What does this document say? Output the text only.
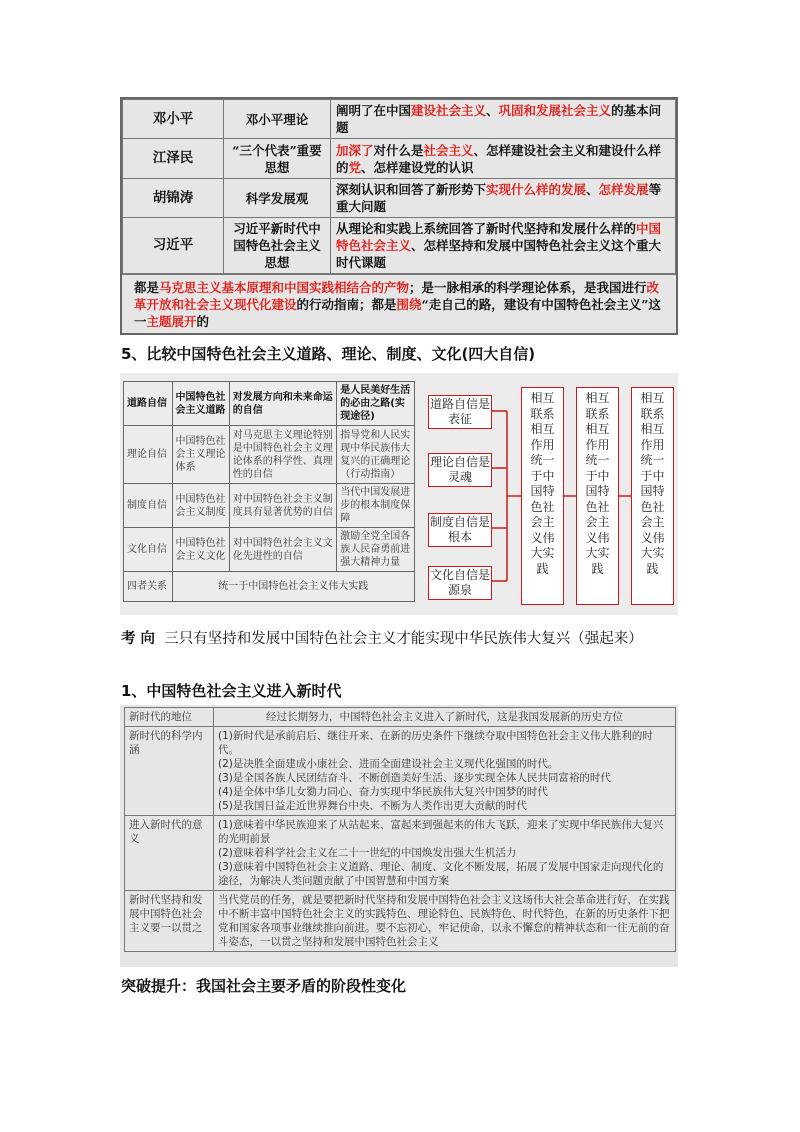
邓小平	邓小平理论	阐明了在中国建设社会主义、巩固和发展社会主义的基本问题
江泽民	“三个代表”重要思想	加深了对什么是社会主义、怎样建设社会主义和建设什么样的党、怎样建设党的认识
胡锦涛	科学发展观	深刻认识和回答了新形势下实现什么样的发展、怎样发展等重大问题
习近平	习近平新时代中国特色社会主义思想	从理论和实践上系统回答了新时代坚持和发展什么样的中国特色社会主义、怎样坚持和发展中国特色社会主义这个重大时代课题
都是马克思主义基本原理和中国实践相结合的产物；是一脉相承的科学理论体系，是我国进行改革开放和社会主义现代化建设的行动指南；都是围绕“走自己的路，建设有中国特色社会主义”这一主题展开的
5、比较中国特色社会主义道路、理论、制度、文化(四大自信)
道路自信	中国特色社会主义道路	对发展方向和未来命运的自信	是人民美好生活的必由之路(实现途径)
理论自信	中国特色社会主义理论体系	对马克思主义理论特别是中国特色社会主义理论体系的科学性、真理性的自信	指导党和人民实现中华民族伟大复兴的正确理论（行动指南）
制度自信	中国特色社会主义制度	对中国特色社会主义制度具有显著优势的自信	当代中国发展进步的根本制度保障
文化自信	中国特色社会主义文化	对中国特色社会主义文化先进性的自信	激励全党全国各族人民奋勇前进强大精神力量
四者关系	统一于中国特色社会主义伟大实践		
道路自信是表征
理论自信是灵魂
制度自信是根本
文化自信是源泉
相互
联系
相互
作用
统一
于中
国特
色社
会主
义伟
大实
践

相互
联系
相互
作用
统一
于中
国特
色社
会主
义伟
大实
践

相互
联系
相互
作用
统一
于中
国特
色社
会主
义伟
大实
践

考 向 三只有坚持和发展中国特色社会主义才能实现中华民族伟大复兴（强起来）
1、中国特色社会主义进入新时代
新时代的地位	经过长期努力，中国特色社会主义进入了新时代，这是我国发展新的历史方位

新时代的科学内涵	(1)新时代是承前启后、继往开来、在新的历史条件下继续夺取中国特色社会主义伟大胜利的时代。
(2)是决胜全面建成小康社会、进而全面建设社会主义现代化强国的时代。
(3)是全国各族人民团结奋斗、不断创造美好生活、逐步实现全体人民共同富裕的时代
(4)是全体中华儿女勠力同心、奋力实现中华民族伟大复兴中国梦的时代
(5)是我国日益走近世界舞台中央、不断为人类作出更大贡献的时代

进入新时代的意义	(1)意味着中华民族迎来了从站起来、富起来到强起来的伟大飞跃，迎来了实现中华民族伟大复兴的光明前景
(2)意味着科学社会主义在二十一世纪的中国焕发出强大生机活力
(3)意味着中国特色社会主义道路、理论、制度、文化不断发展，拓展了发展中国家走向现代化的途径，为解决人类问题贡献了中国智慧和中国方案

新时代坚持和发展中国特色社会主义要一以贯之	当代党员的任务，就是要把新时代坚持和发展中国特色社会主义这场伟大社会革命进行好，在实践中不断丰富中国特色社会主义的实践特色、理论特色、民族特色、时代特色，在新的历史条件下把党和国家各项事业继续推向前进。要不忘初心，牢记使命，以永不懈怠的精神状态和一往无前的奋斗姿态，一以贯之坚持和发展中国特色社会主义
突破提升：我国社会主要矛盾的阶段性变化
